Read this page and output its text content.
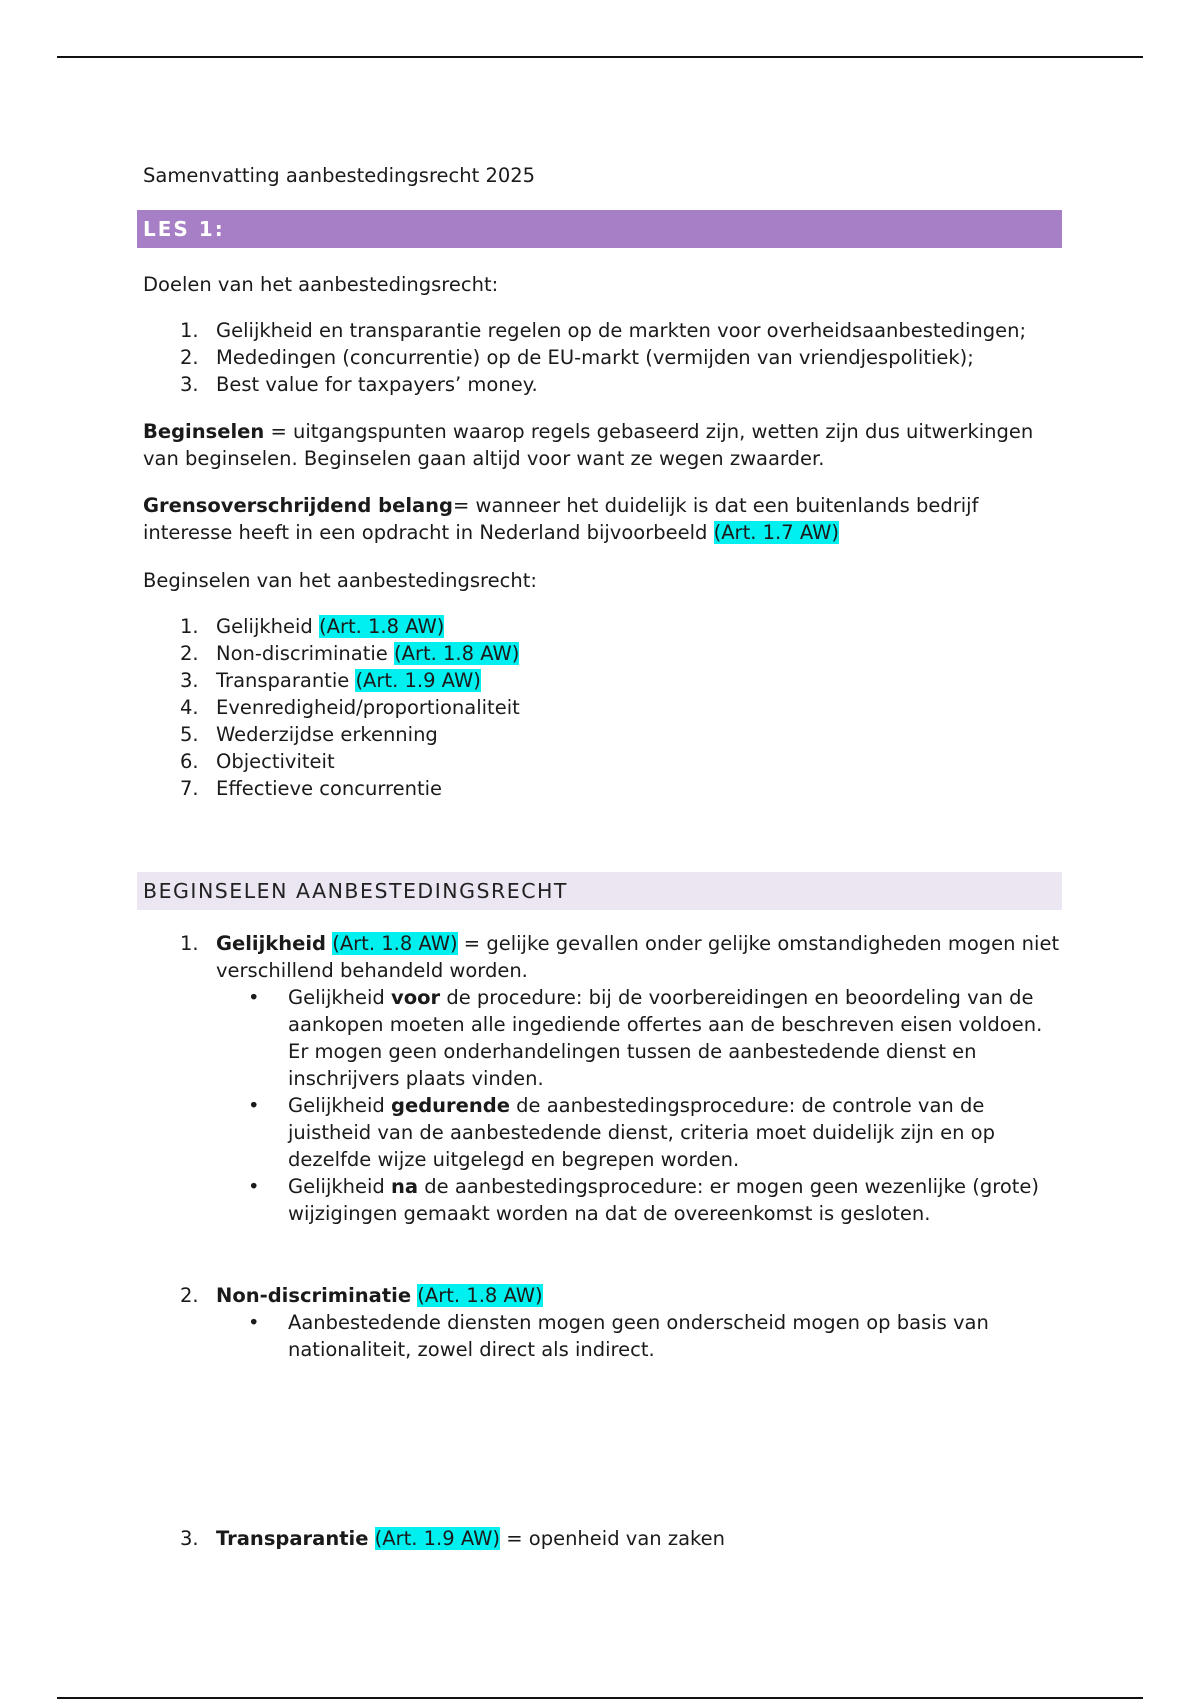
Samenvatting aanbestedingsrecht 2025
LES 1:
Doelen van het aanbestedingsrecht:
1. Gelijkheid en transparantie regelen op de markten voor overheidsaanbestedingen;
2. Mededingen (concurrentie) op de EU-markt (vermijden van vriendjespolitiek);
3. Best value for taxpayers’ money.
Beginselen = uitgangspunten waarop regels gebaseerd zijn, wetten zijn dus uitwerkingen van beginselen. Beginselen gaan altijd voor want ze wegen zwaarder.
Grensoverschrijdend belang= wanneer het duidelijk is dat een buitenlands bedrijf interesse heeft in een opdracht in Nederland bijvoorbeeld (Art. 1.7 AW)
Beginselen van het aanbestedingsrecht:
1. Gelijkheid (Art. 1.8 AW)
2. Non-discriminatie (Art. 1.8 AW)
3. Transparantie (Art. 1.9 AW)
4. Evenredigheid/proportionaliteit
5. Wederzijdse erkenning
6. Objectiviteit
7. Effectieve concurrentie
BEGINSELEN AANBESTEDINGSRECHT
1. Gelijkheid (Art. 1.8 AW) = gelijke gevallen onder gelijke omstandigheden mogen niet verschillend behandeld worden.
• Gelijkheid voor de procedure: bij de voorbereidingen en beoordeling van de aankopen moeten alle ingediende offertes aan de beschreven eisen voldoen. Er mogen geen onderhandelingen tussen de aanbestedende dienst en inschrijvers plaats vinden.
• Gelijkheid gedurende de aanbestedingsprocedure: de controle van de juistheid van de aanbestedende dienst, criteria moet duidelijk zijn en op dezelfde wijze uitgelegd en begrepen worden.
• Gelijkheid na de aanbestedingsprocedure: er mogen geen wezenlijke (grote) wijzigingen gemaakt worden na dat de overeenkomst is gesloten.
2. Non-discriminatie (Art. 1.8 AW)
• Aanbestedende diensten mogen geen onderscheid mogen op basis van nationaliteit, zowel direct als indirect.
3. Transparantie (Art. 1.9 AW) = openheid van zaken
